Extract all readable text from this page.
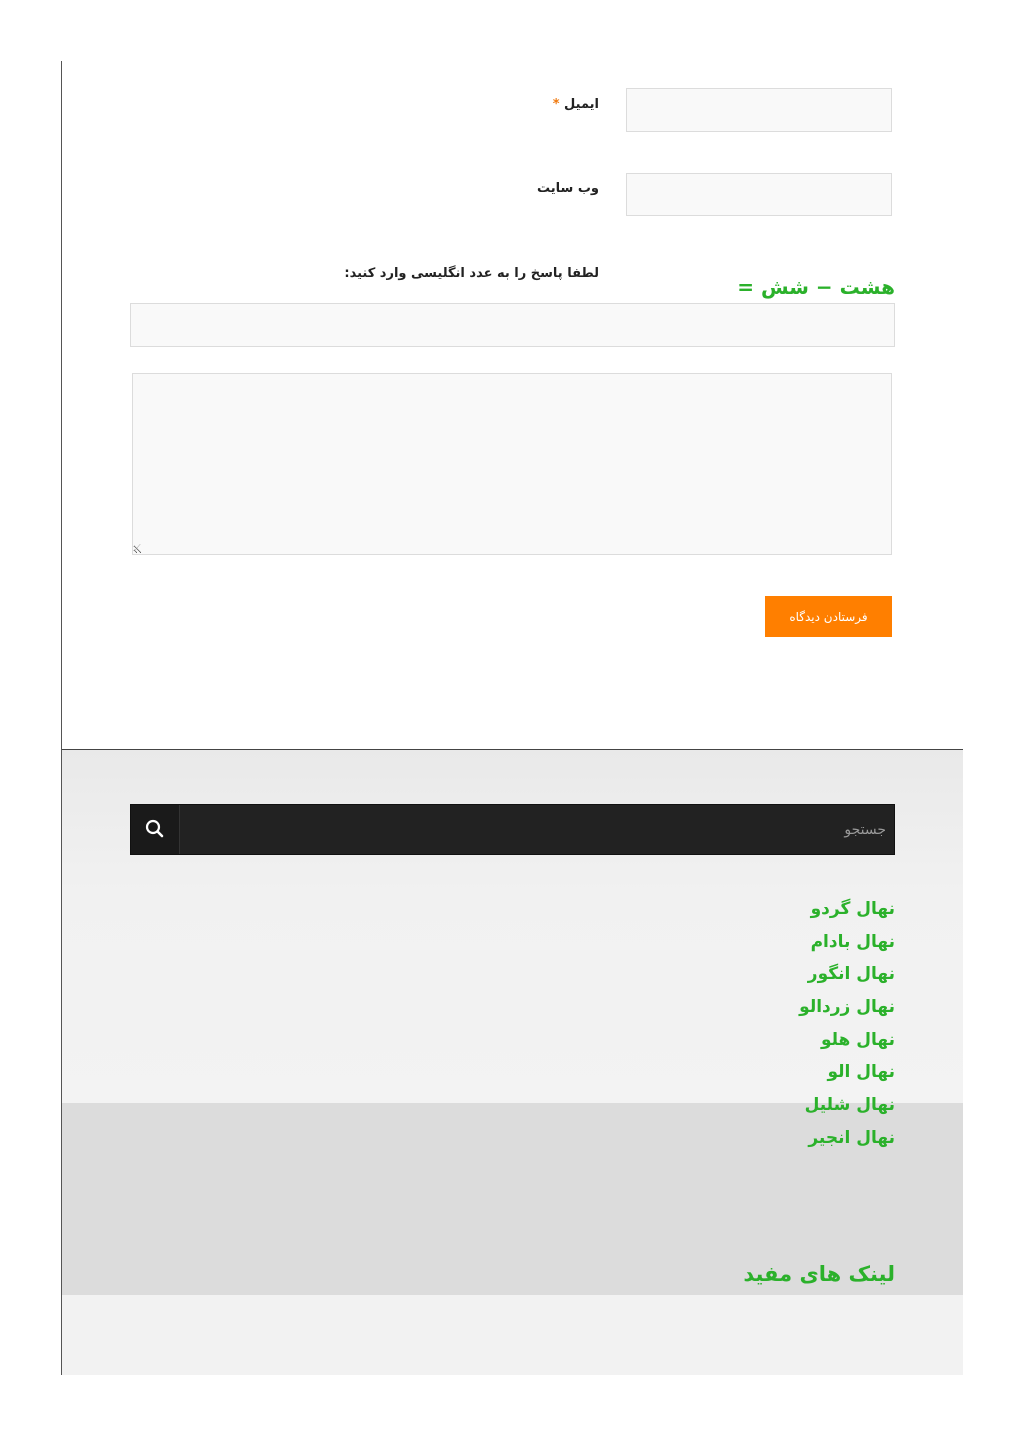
ایمیل *
وب سایت
لطفا پاسخ را به عدد انگلیسی وارد کنید:
هشت − شش =
⟋
فرستادن دیدگاه
جستجو
نهال گردو
نهال بادام
نهال انگور
نهال زردالو
نهال هلو
نهال الو
نهال شلیل
نهال انجیر
لینک های مفید
